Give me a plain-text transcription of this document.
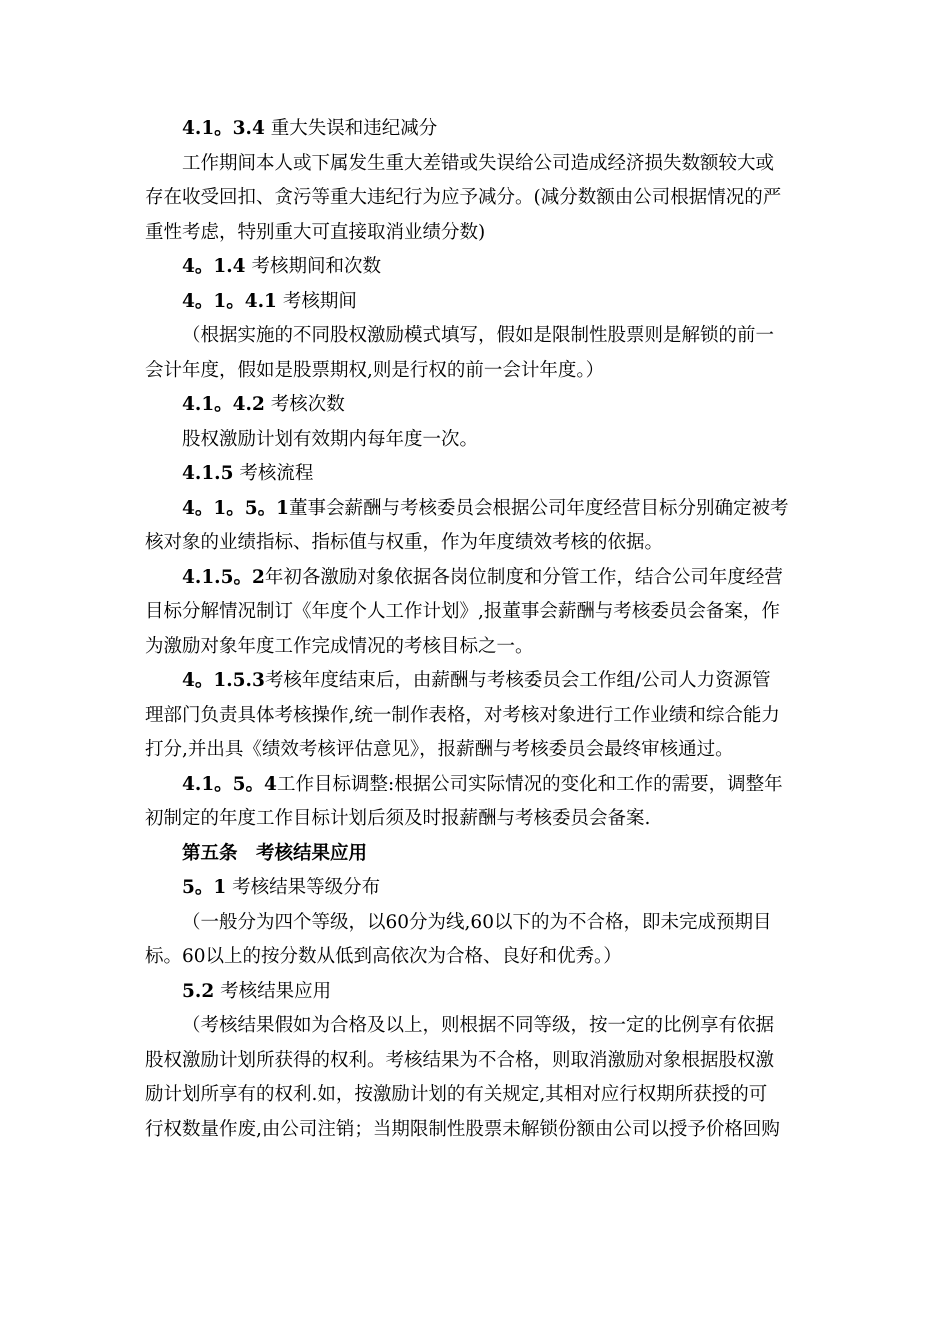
4.1。3.4 重大失误和违纪减分
工作期间本人或下属发生重大差错或失误给公司造成经济损失数额较大或
存在收受回扣、贪污等重大违纪行为应予减分。(减分数额由公司根据情况的严
重性考虑，特别重大可直接取消业绩分数)
4。1.4 考核期间和次数
4。1。4.1 考核期间
（根据实施的不同股权激励模式填写，假如是限制性股票则是解锁的前一
会计年度，假如是股票期权,则是行权的前一会计年度。）
4.1。4.2 考核次数
股权激励计划有效期内每年度一次。
4.1.5 考核流程
4。1。5。1董事会薪酬与考核委员会根据公司年度经营目标分别确定被考
核对象的业绩指标、指标值与权重，作为年度绩效考核的依据。
4.1.5。2年初各激励对象依据各岗位制度和分管工作，结合公司年度经营
目标分解情况制订《年度个人工作计划》,报董事会薪酬与考核委员会备案，作
为激励对象年度工作完成情况的考核目标之一。
4。1.5.3考核年度结束后，由薪酬与考核委员会工作组/公司人力资源管
理部门负责具体考核操作,统一制作表格，对考核对象进行工作业绩和综合能力
打分,并出具《绩效考核评估意见》，报薪酬与考核委员会最终审核通过。
4.1。5。4工作目标调整:根据公司实际情况的变化和工作的需要，调整年
初制定的年度工作目标计划后须及时报薪酬与考核委员会备案.
第五条　考核结果应用
5。1 考核结果等级分布
（一般分为四个等级，以60分为线,60以下的为不合格，即未完成预期目
标。60以上的按分数从低到高依次为合格、良好和优秀。）
5.2 考核结果应用
（考核结果假如为合格及以上，则根据不同等级，按一定的比例享有依据
股权激励计划所获得的权利。考核结果为不合格，则取消激励对象根据股权激
励计划所享有的权利.如，按激励计划的有关规定,其相对应行权期所获授的可
行权数量作废,由公司注销；当期限制性股票未解锁份额由公司以授予价格回购
